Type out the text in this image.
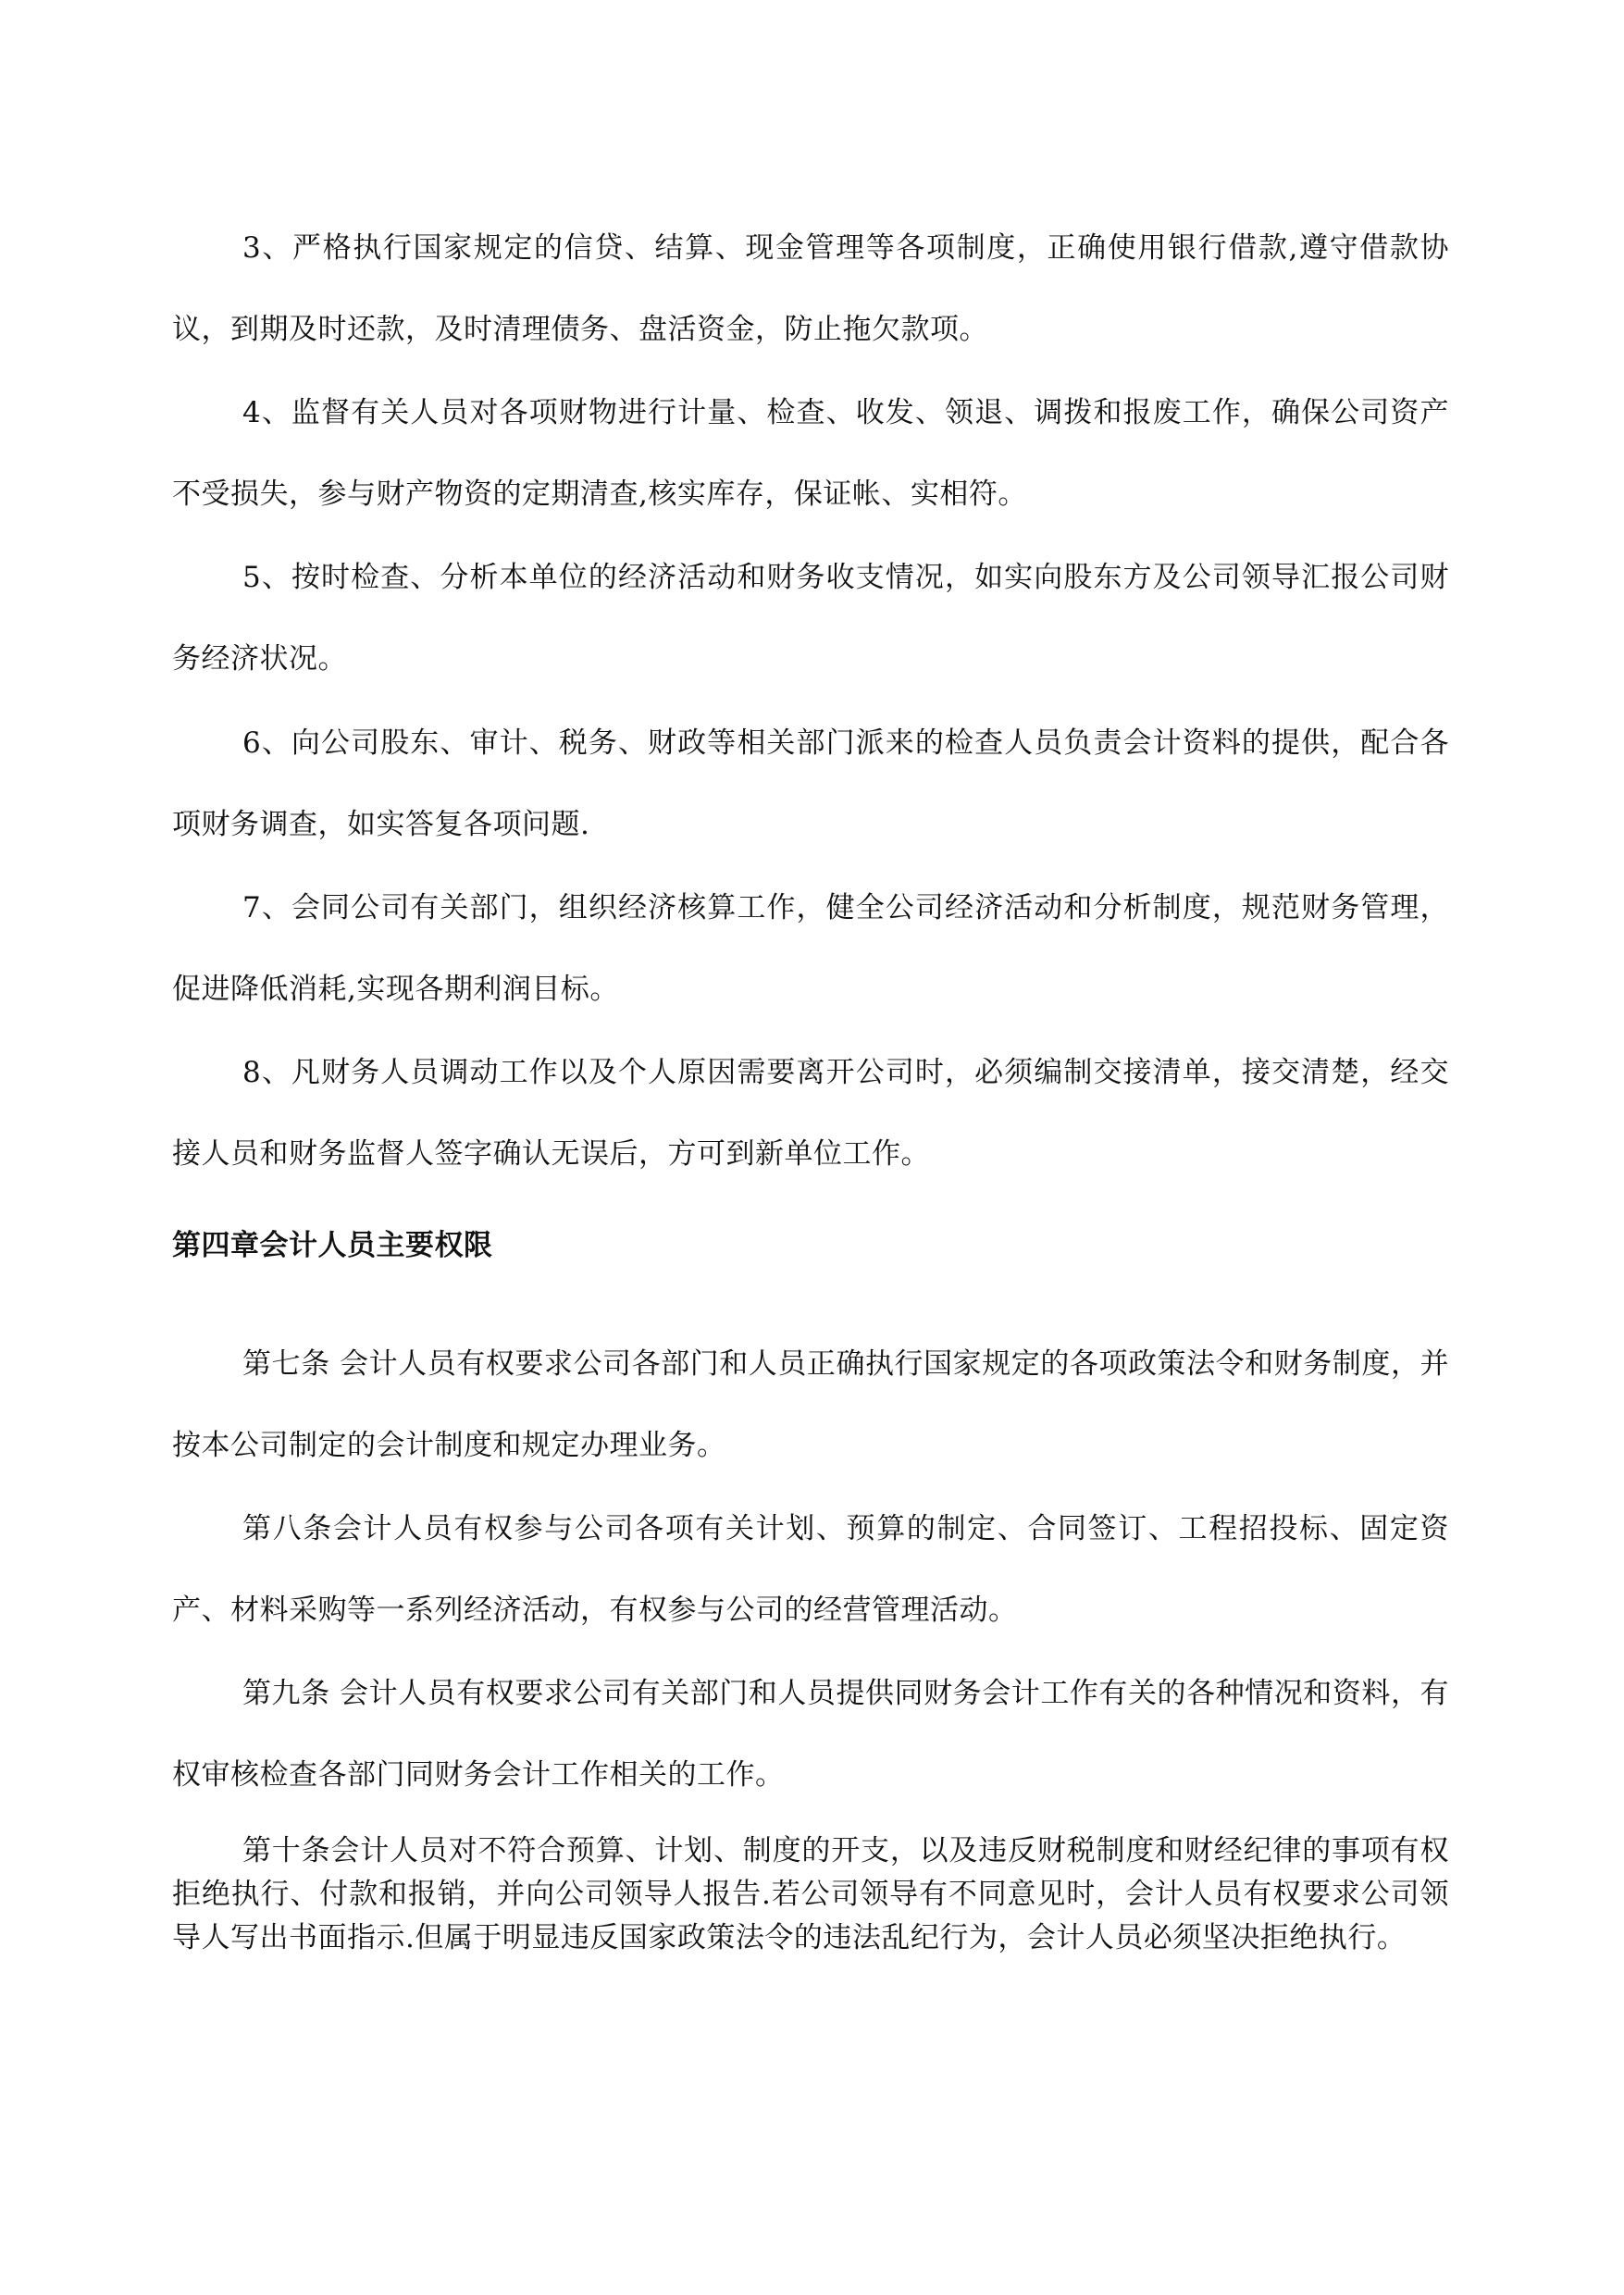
3、严格执行国家规定的信贷、结算、现金管理等各项制度，正确使用银行借款,遵守借款协议，到期及时还款，及时清理债务、盘活资金，防止拖欠款项。

4、监督有关人员对各项财物进行计量、检查、收发、领退、调拨和报废工作，确保公司资产不受损失，参与财产物资的定期清查,核实库存，保证帐、实相符。

5、按时检查、分析本单位的经济活动和财务收支情况，如实向股东方及公司领导汇报公司财务经济状况。

6、向公司股东、审计、税务、财政等相关部门派来的检查人员负责会计资料的提供，配合各项财务调查，如实答复各项问题.

7、会同公司有关部门，组织经济核算工作，健全公司经济活动和分析制度，规范财务管理，促进降低消耗,实现各期利润目标。

8、凡财务人员调动工作以及个人原因需要离开公司时，必须编制交接清单，接交清楚，经交接人员和财务监督人签字确认无误后，方可到新单位工作。

第四章会计人员主要权限

第七条 会计人员有权要求公司各部门和人员正确执行国家规定的各项政策法令和财务制度，并按本公司制定的会计制度和规定办理业务。

第八条会计人员有权参与公司各项有关计划、预算的制定、合同签订、工程招投标、固定资产、材料采购等一系列经济活动，有权参与公司的经营管理活动。

第九条 会计人员有权要求公司有关部门和人员提供同财务会计工作有关的各种情况和资料，有权审核检查各部门同财务会计工作相关的工作。

第十条会计人员对不符合预算、计划、制度的开支，以及违反财税制度和财经纪律的事项有权拒绝执行、付款和报销，并向公司领导人报告.若公司领导有不同意见时，会计人员有权要求公司领导人写出书面指示.但属于明显违反国家政策法令的违法乱纪行为，会计人员必须坚决拒绝执行。
